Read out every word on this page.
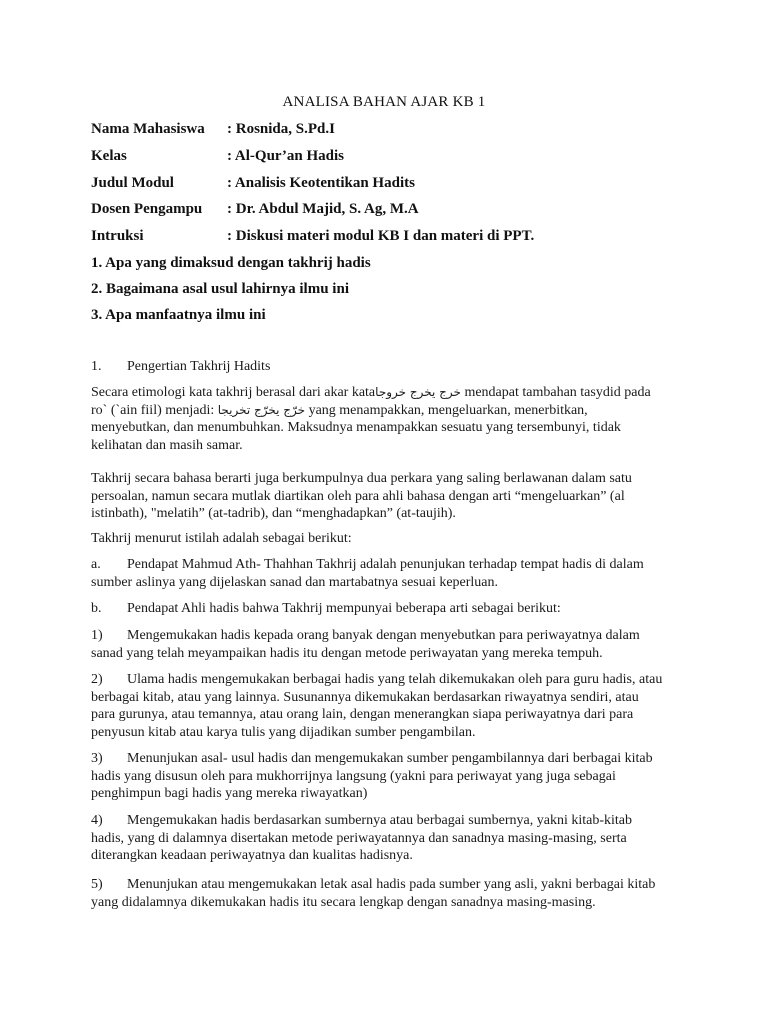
ANALISA BAHAN AJAR KB 1
Nama Mahasiswa : Rosnida, S.Pd.I
Kelas	: Al-Qur’an Hadis
Judul Modul	: Analisis Keotentikan Hadits
Dosen Pengampu : Dr. Abdul Majid, S. Ag, M.A
Intruksi	: Diskusi materi modul KB I dan materi di PPT.
1. Apa yang dimaksud dengan takhrij hadis
2. Bagaimana asal usul lahirnya ilmu ini
3. Apa manfaatnya ilmu ini
1. Pengertian Takhrij Hadits

Secara etimologi kata takhrij berasal dari akar kataخرج يخرج خروجا mendapat tambahan tasydid pada ro` (`ain fiil) menjadi: خرّج يخرّج تخريجا yang menampakkan, mengeluarkan, menerbitkan, menyebutkan, dan menumbuhkan. Maksudnya menampakkan sesuatu yang tersembunyi, tidak kelihatan dan masih samar.

Takhrij secara bahasa berarti juga berkumpulnya dua perkara yang saling berlawanan dalam satu persoalan, namun secara mutlak diartikan oleh para ahli bahasa dengan arti “mengeluarkan” (al istinbath), "melatih” (at-tadrib), dan “menghadapkan” (at-taujih).

Takhrij menurut istilah adalah sebagai berikut:

a. Pendapat Mahmud Ath- Thahhan Takhrij adalah penunjukan terhadap tempat hadis di dalam sumber aslinya yang dijelaskan sanad dan martabatnya sesuai keperluan.

b. Pendapat Ahli hadis bahwa Takhrij mempunyai beberapa arti sebagai berikut:

1) Mengemukakan hadis kepada orang banyak dengan menyebutkan para periwayatnya dalam sanad yang telah meyampaikan hadis itu dengan metode periwayatan yang mereka tempuh.

2) Ulama hadis mengemukakan berbagai hadis yang telah dikemukakan oleh para guru hadis, atau berbagai kitab, atau yang lainnya. Susunannya dikemukakan berdasarkan riwayatnya sendiri, atau para gurunya, atau temannya, atau orang lain, dengan menerangkan siapa periwayatnya dari para penyusun kitab atau karya tulis yang dijadikan sumber pengambilan.

3) Menunjukan asal- usul hadis dan mengemukakan sumber pengambilannya dari berbagai kitab hadis yang disusun oleh para mukhorrijnya langsung (yakni para periwayat yang juga sebagai penghimpun bagi hadis yang mereka riwayatkan)

4) Mengemukakan hadis berdasarkan sumbernya atau berbagai sumbernya, yakni kitab-kitab hadis, yang di dalamnya disertakan metode periwayatannya dan sanadnya masing-masing, serta diterangkan keadaan periwayatnya dan kualitas hadisnya.

5) Menunjukan atau mengemukakan letak asal hadis pada sumber yang asli, yakni berbagai kitab yang didalamnya dikemukakan hadis itu secara lengkap dengan sanadnya masing-masing.
